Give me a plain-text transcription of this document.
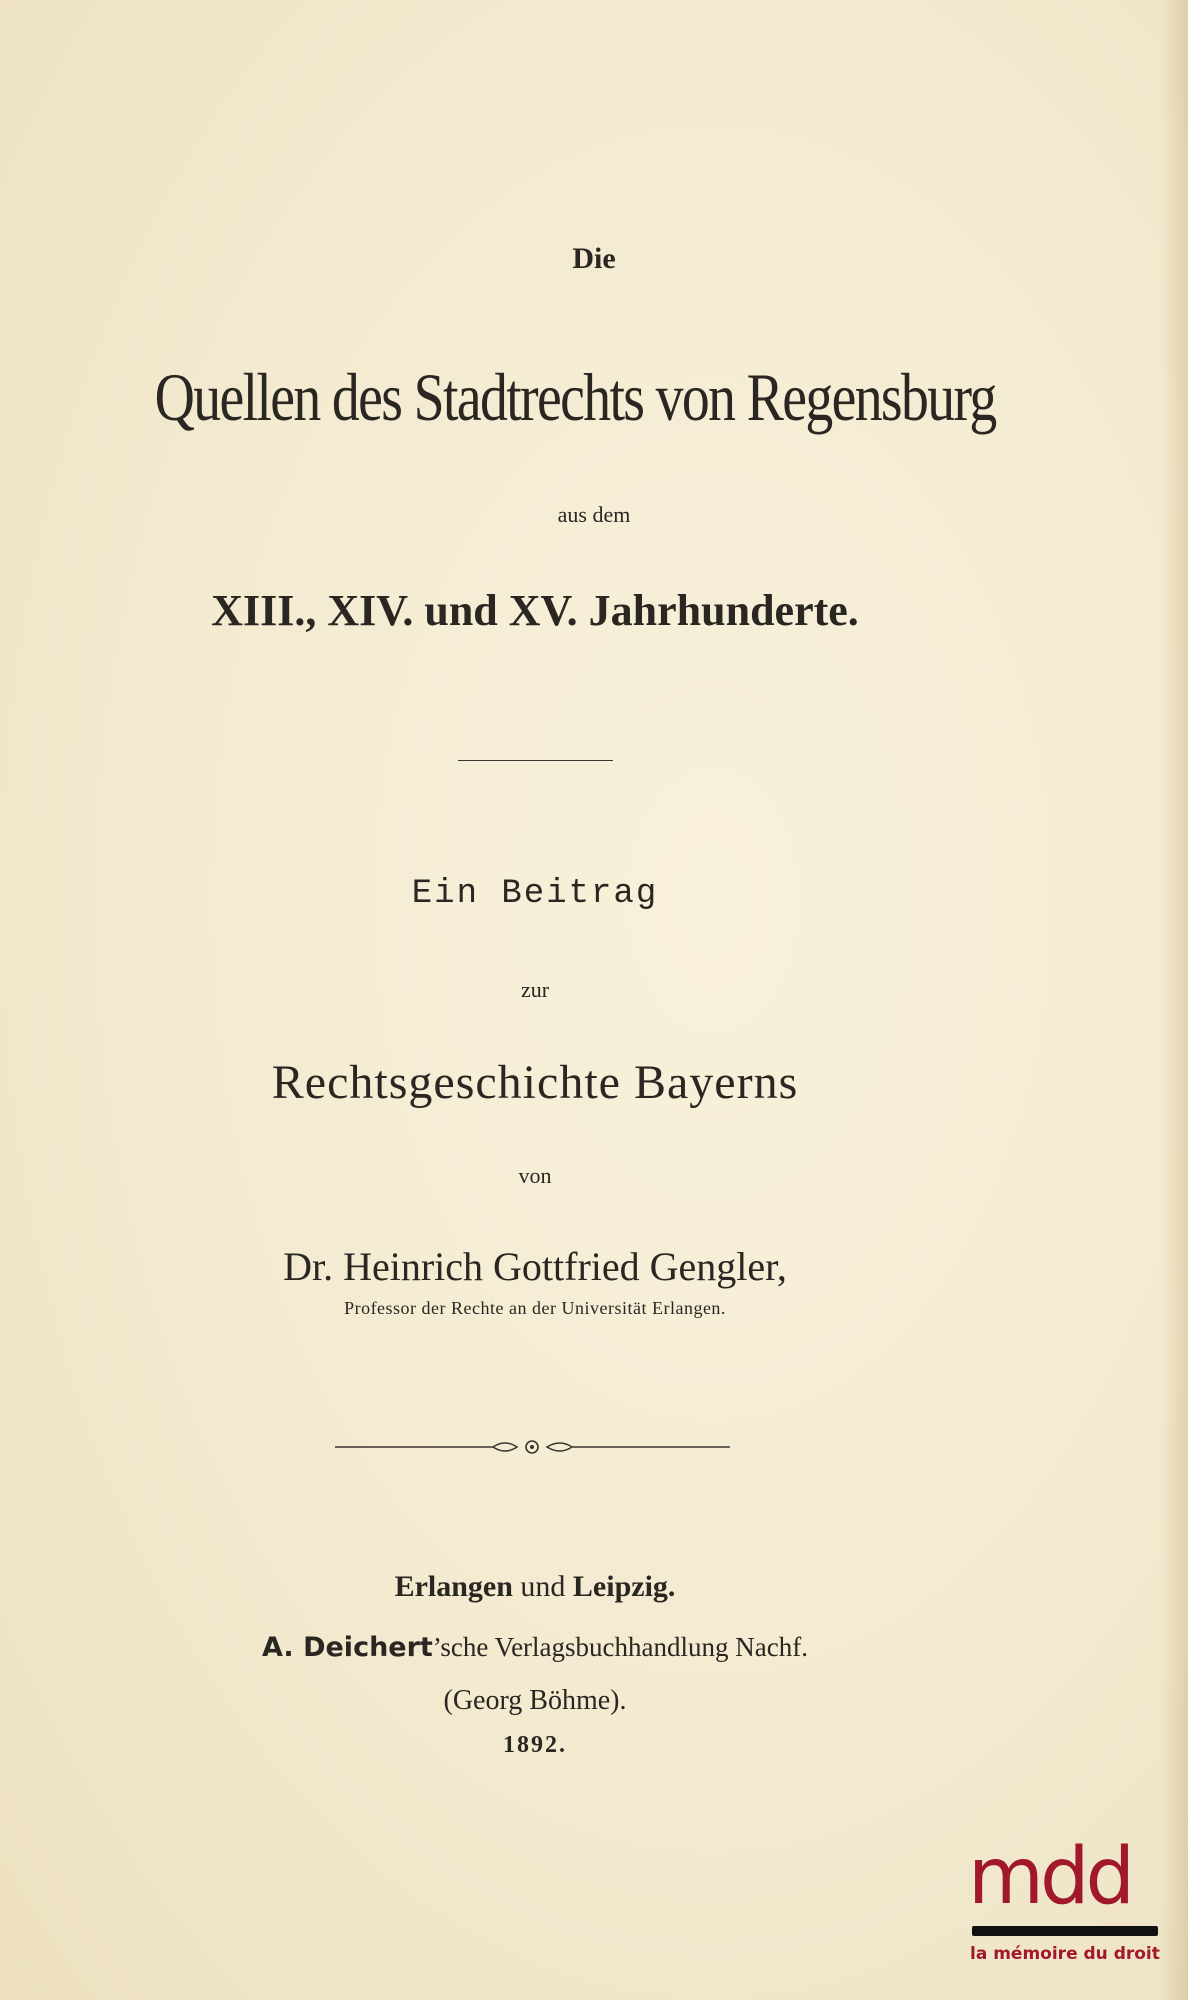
Die
Quellen des Stadtrechts von Regensburg
aus dem
XIII., XIV. und XV. Jahrhunderte.
Ein Beitrag
zur
Rechtsgeschichte Bayerns
von
Dr. Heinrich Gottfried Gengler,
Professor der Rechte an der Universität Erlangen.
Erlangen und Leipzig.
A. Deichert’sche Verlagsbuchhandlung Nachf.
(Georg Böhme).
1892.
mdd
la mémoire du droit
